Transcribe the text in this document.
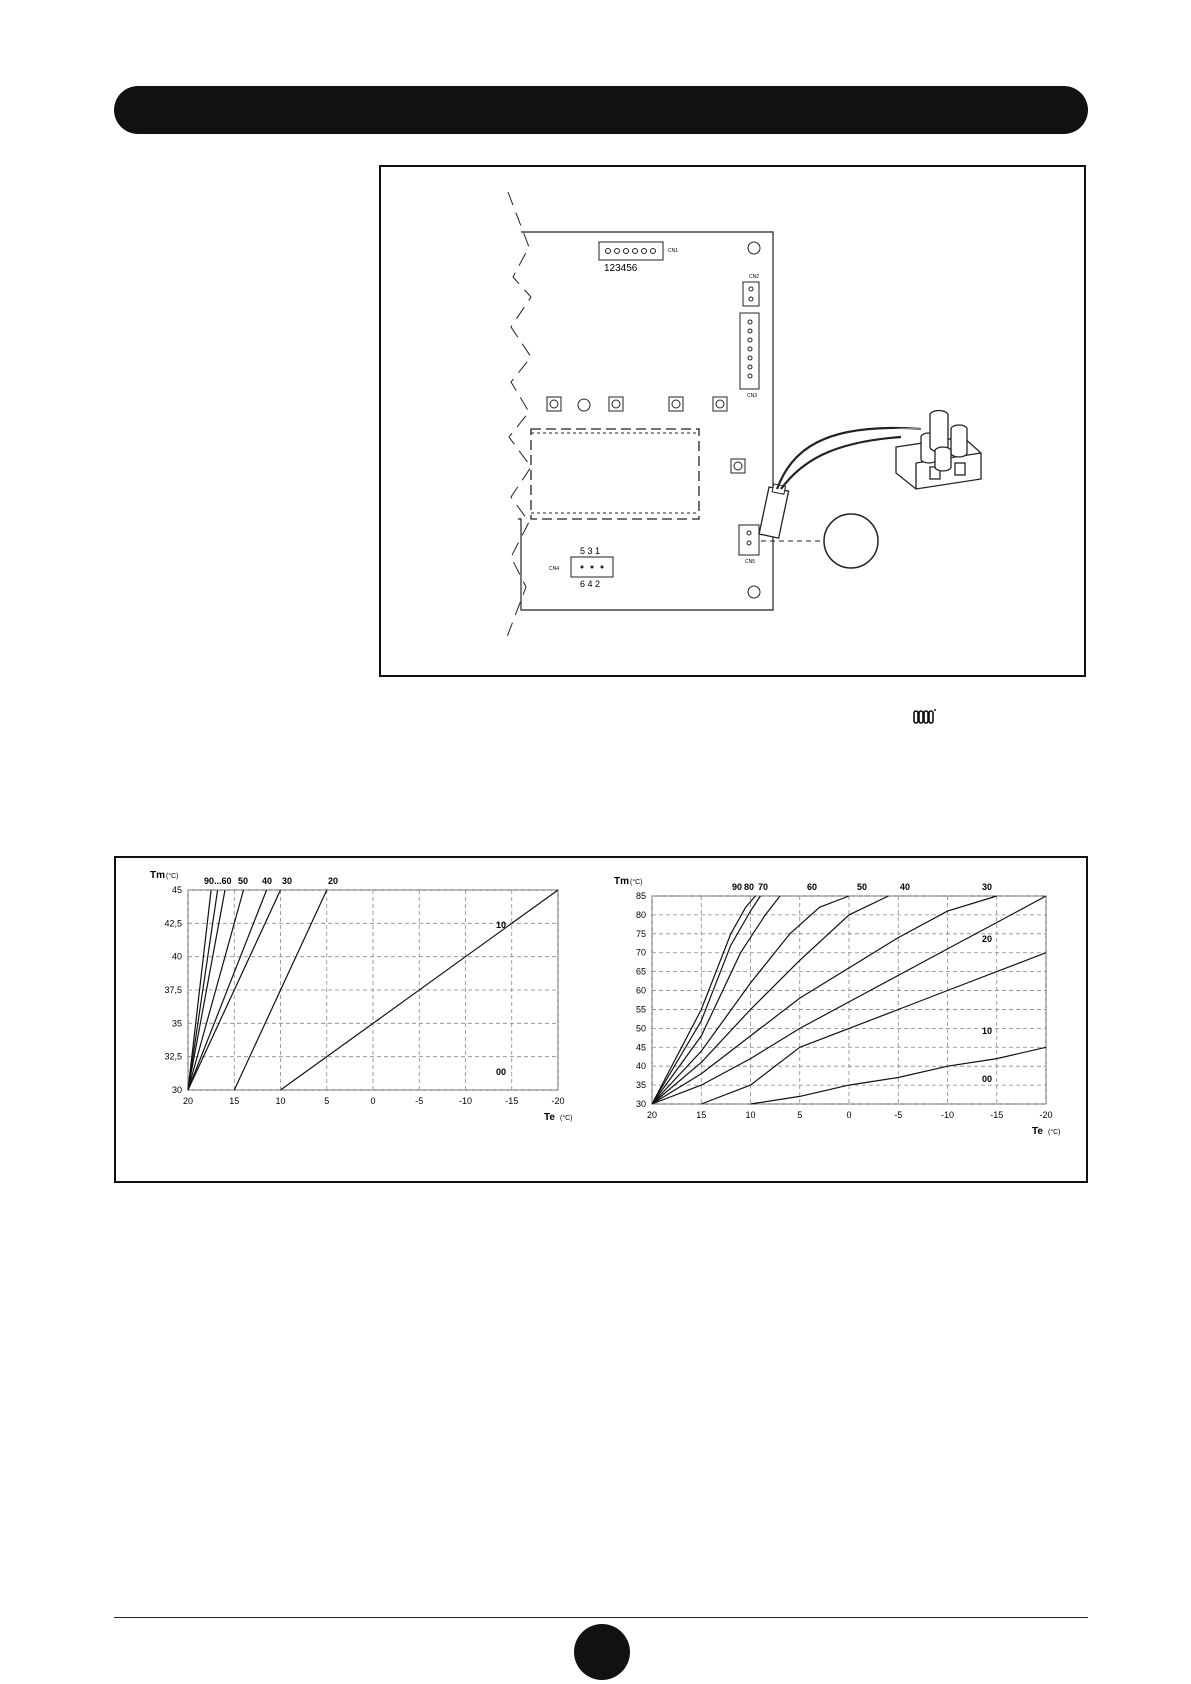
123456
CN1
CN2
CN3
CN5
5 3 1
6 4 2
CN4
20	15	10	5	0	-5	-10	-15	-20
30
32,5
35
37,5
40
42,5
45
Tm (°C)
Te (°C)
90...60 50 40 30	20
10
00
20	15	10	5	0	-5	-10	-15	-20
30
35
40
45
50
55
60
65
70
75
80
85
Tm (°C)
Te (°C)
90 80 70	60	50	40	30
20
10
00
